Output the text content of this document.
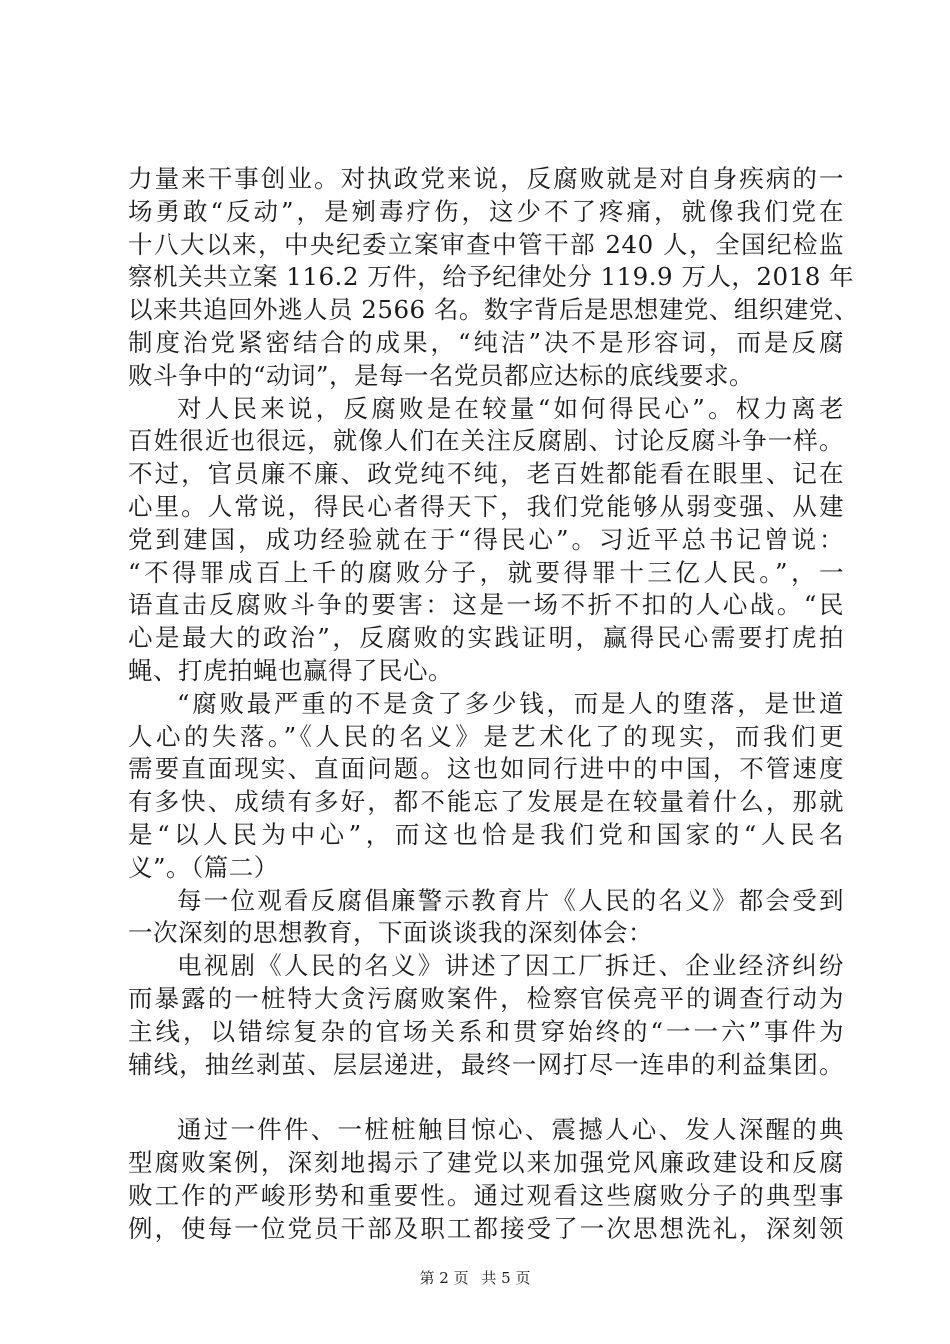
力量来干事创业。对执政党来说，反腐败就是对自身疾病的一
场勇敢“反动”，是剜毒疗伤，这少不了疼痛，就像我们党在
十八大以来，中央纪委立案审查中管干部 240 人，全国纪检监
察机关共立案 116.2 万件，给予纪律处分 119.9 万人，2018 年
以来共追回外逃人员 2566 名。数字背后是思想建党、组织建党、
制度治党紧密结合的成果，“纯洁”决不是形容词，而是反腐
败斗争中的“动词”，是每一名党员都应达标的底线要求。
对人民来说，反腐败是在较量“如何得民心”。权力离老
百姓很近也很远，就像人们在关注反腐剧、讨论反腐斗争一样。
不过，官员廉不廉、政党纯不纯，老百姓都能看在眼里、记在
心里。人常说，得民心者得天下，我们党能够从弱变强、从建
党到建国，成功经验就在于“得民心”。习近平总书记曾说：
“不得罪成百上千的腐败分子，就要得罪十三亿人民。”，一
语直击反腐败斗争的要害：这是一场不折不扣的人心战。“民
心是最大的政治”，反腐败的实践证明，赢得民心需要打虎拍
蝇、打虎拍蝇也赢得了民心。
“腐败最严重的不是贪了多少钱，而是人的堕落，是世道
人心的失落。”《人民的名义》是艺术化了的现实，而我们更
需要直面现实、直面问题。这也如同行进中的中国，不管速度
有多快、成绩有多好，都不能忘了发展是在较量着什么，那就
是“以人民为中心”，而这也恰是我们党和国家的“人民名
义”。（篇二）
每一位观看反腐倡廉警示教育片《人民的名义》都会受到
一次深刻的思想教育，下面谈谈我的深刻体会：
电视剧《人民的名义》讲述了因工厂拆迁、企业经济纠纷
而暴露的一桩特大贪污腐败案件，检察官侯亮平的调查行动为
主线，以错综复杂的官场关系和贯穿始终的“一一六”事件为
辅线，抽丝剥茧、层层递进，最终一网打尽一连串的利益集团。
通过一件件、一桩桩触目惊心、震撼人心、发人深醒的典
型腐败案例，深刻地揭示了建党以来加强党风廉政建设和反腐
败工作的严峻形势和重要性。通过观看这些腐败分子的典型事
例，使每一位党员干部及职工都接受了一次思想洗礼，深刻领
第 2 页 共 5 页
